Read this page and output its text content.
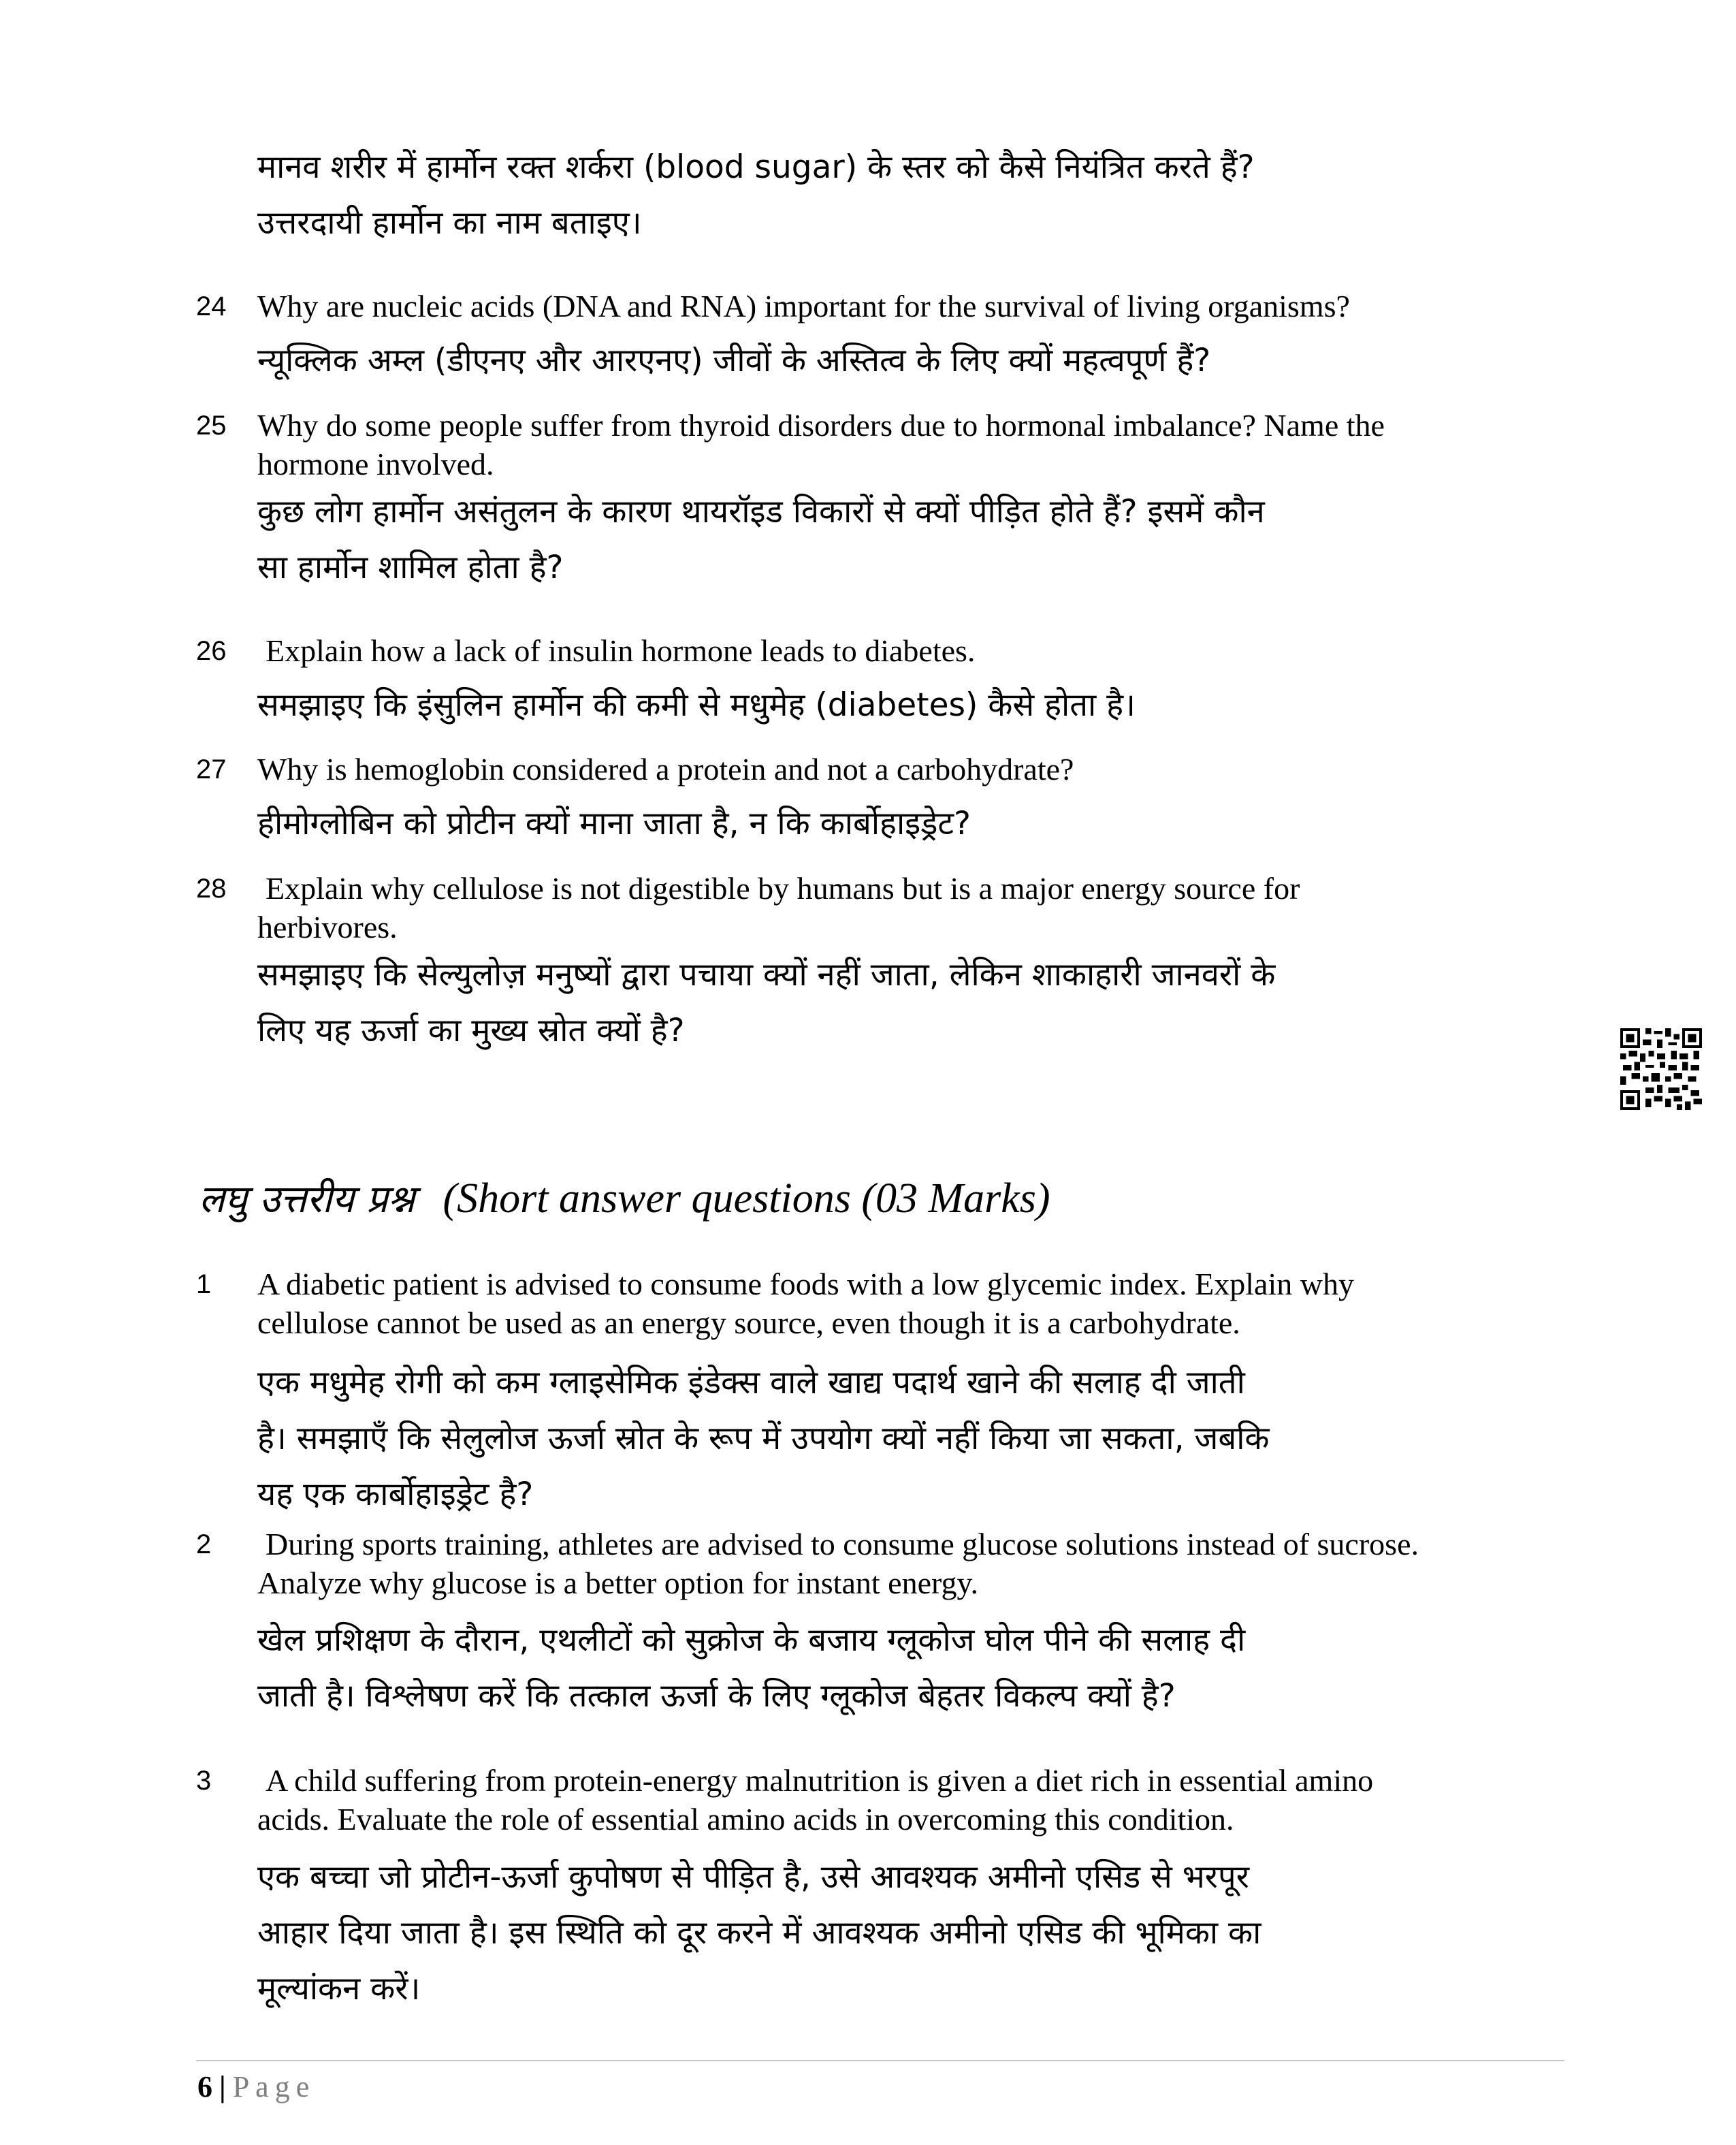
मानव शरीर में हार्मोन रक्त शर्करा (blood sugar) के स्तर को कैसे नियंत्रित करते हैं?

उत्तरदायी हार्मोन का नाम बताइए।

24 Why are nucleic acids (DNA and RNA) important for the survival of living organisms?

न्यूक्लिक अम्ल (डीएनए और आरएनए) जीवों के अस्तित्व के लिए क्यों महत्वपूर्ण हैं?

25 Why do some people suffer from thyroid disorders due to hormonal imbalance? Name the

hormone involved.

कुछ लोग हार्मोन असंतुलन के कारण थायरॉइड विकारों से क्यों पीड़ित होते हैं? इसमें कौन

सा हार्मोन शामिल होता है?

26 Explain how a lack of insulin hormone leads to diabetes.

समझाइए कि इंसुलिन हार्मोन की कमी से मधुमेह (diabetes) कैसे होता है।

27 Why is hemoglobin considered a protein and not a carbohydrate?

हीमोग्लोबिन को प्रोटीन क्यों माना जाता है, न कि कार्बोहाइड्रेट?

28 Explain why cellulose is not digestible by humans but is a major energy source for

herbivores.

समझाइए कि सेल्युलोज़ मनुष्यों द्वारा पचाया क्यों नहीं जाता, लेकिन शाकाहारी जानवरों के

लिए यह ऊर्जा का मुख्य स्रोत क्यों है?

लघु उत्तरीय प्रश्न (Short answer questions (03 Marks)
1 A diabetic patient is advised to consume foods with a low glycemic index. Explain why

cellulose cannot be used as an energy source, even though it is a carbohydrate.

एक मधुमेह रोगी को कम ग्लाइसेमिक इंडेक्स वाले खाद्य पदार्थ खाने की सलाह दी जाती

है। समझाएँ कि सेलुलोज ऊर्जा स्रोत के रूप में उपयोग क्यों नहीं किया जा सकता, जबकि

यह एक कार्बोहाइड्रेट है?

2 During sports training, athletes are advised to consume glucose solutions instead of sucrose.

Analyze why glucose is a better option for instant energy.

खेल प्रशिक्षण के दौरान, एथलीटों को सुक्रोज के बजाय ग्लूकोज घोल पीने की सलाह दी

जाती है। विश्लेषण करें कि तत्काल ऊर्जा के लिए ग्लूकोज बेहतर विकल्प क्यों है?

3 A child suffering from protein-energy malnutrition is given a diet rich in essential amino

acids. Evaluate the role of essential amino acids in overcoming this condition.

एक बच्चा जो प्रोटीन-ऊर्जा कुपोषण से पीड़ित है, उसे आवश्यक अमीनो एसिड से भरपूर

आहार दिया जाता है। इस स्थिति को दूर करने में आवश्यक अमीनो एसिड की भूमिका का

मूल्यांकन करें।

6 | Page
